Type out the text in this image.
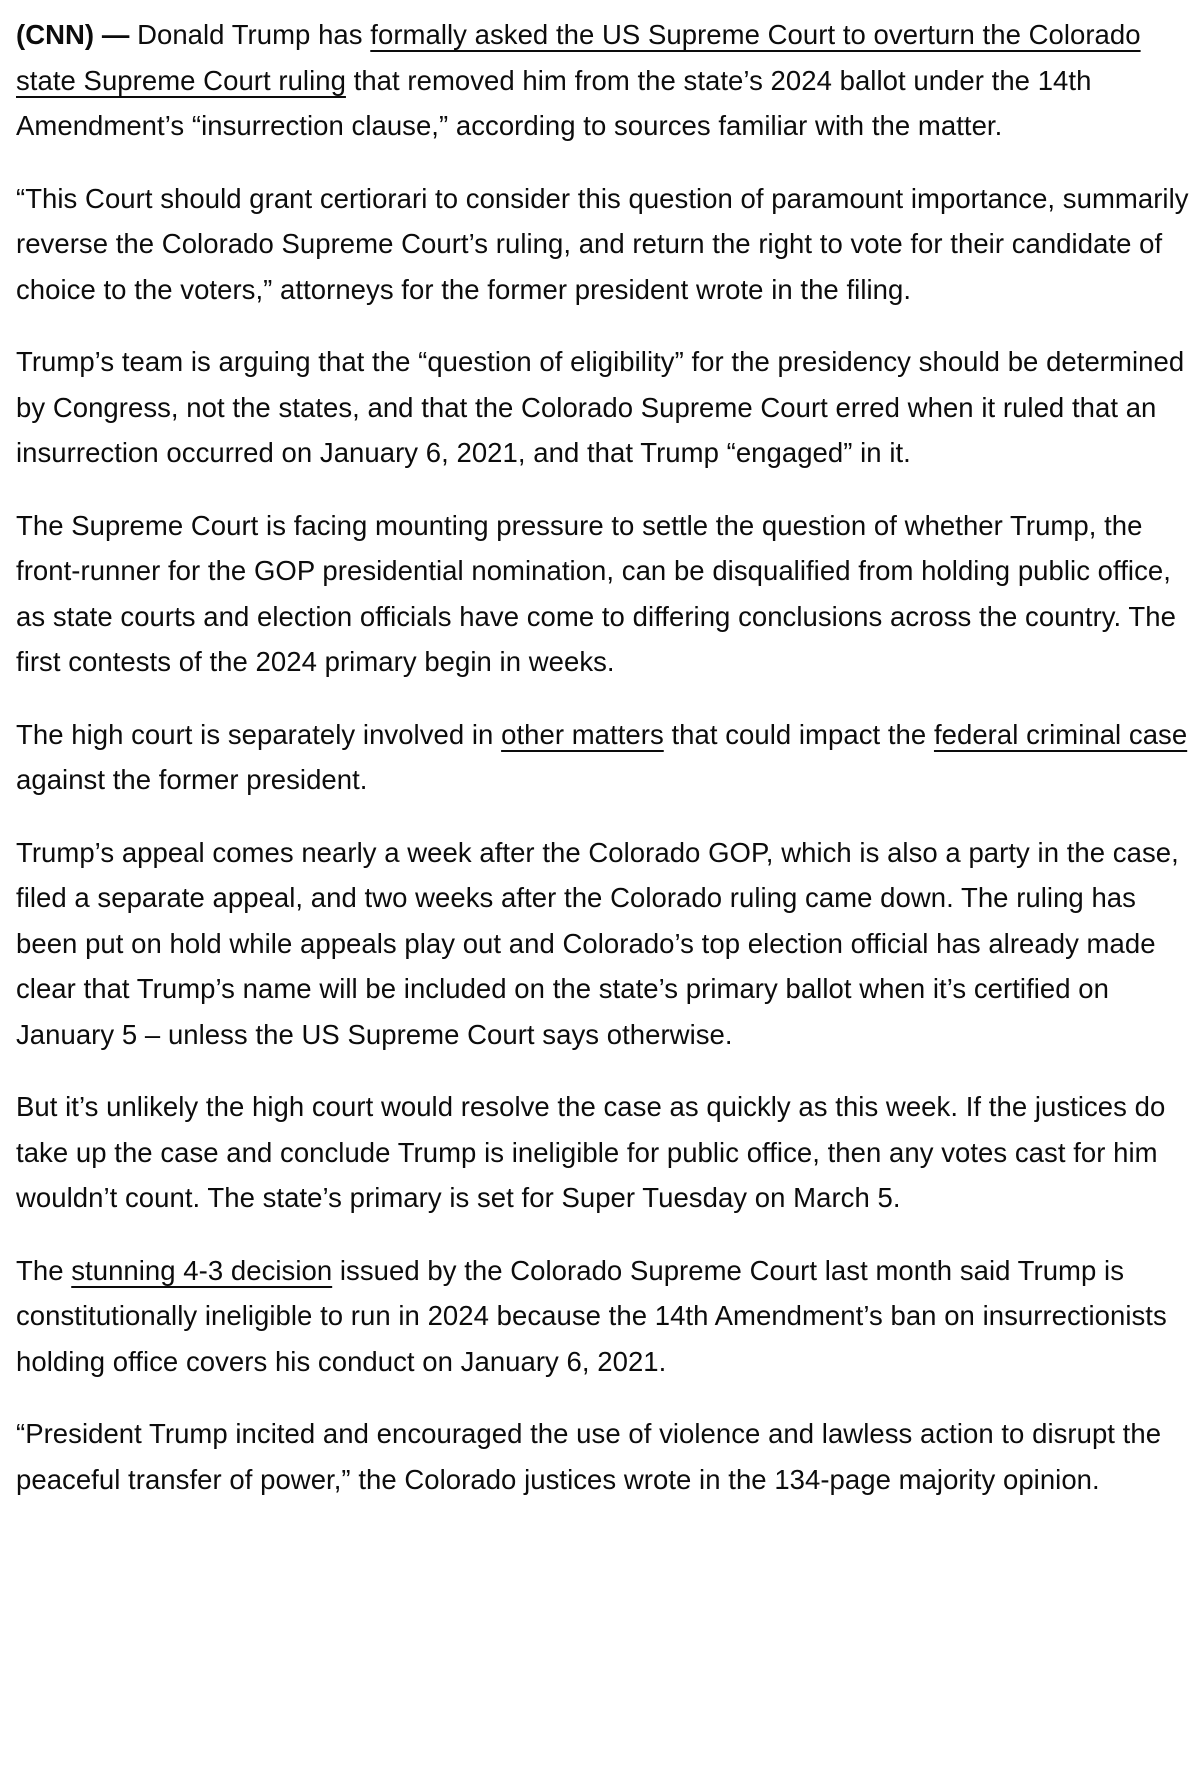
(CNN) — Donald Trump has formally asked the US Supreme Court to overturn the Colorado state Supreme Court ruling that removed him from the state’s 2024 ballot under the 14th Amendment’s “insurrection clause,” according to sources familiar with the matter.

“This Court should grant certiorari to consider this question of paramount importance, summarily reverse the Colorado Supreme Court’s ruling, and return the right to vote for their candidate of choice to the voters,” attorneys for the former president wrote in the filing.

Trump’s team is arguing that the “question of eligibility” for the presidency should be determined by Congress, not the states, and that the Colorado Supreme Court erred when it ruled that an insurrection occurred on January 6, 2021, and that Trump “engaged” in it.

The Supreme Court is facing mounting pressure to settle the question of whether Trump, the front-runner for the GOP presidential nomination, can be disqualified from holding public office, as state courts and election officials have come to differing conclusions across the country. The first contests of the 2024 primary begin in weeks.

The high court is separately involved in other matters that could impact the federal criminal case against the former president.

Trump’s appeal comes nearly a week after the Colorado GOP, which is also a party in the case, filed a separate appeal, and two weeks after the Colorado ruling came down. The ruling has been put on hold while appeals play out and Colorado’s top election official has already made clear that Trump’s name will be included on the state’s primary ballot when it’s certified on January 5 – unless the US Supreme Court says otherwise.

But it’s unlikely the high court would resolve the case as quickly as this week. If the justices do take up the case and conclude Trump is ineligible for public office, then any votes cast for him wouldn’t count. The state’s primary is set for Super Tuesday on March 5.

The stunning 4-3 decision issued by the Colorado Supreme Court last month said Trump is constitutionally ineligible to run in 2024 because the 14th Amendment’s ban on insurrectionists holding office covers his conduct on January 6, 2021.

“President Trump incited and encouraged the use of violence and lawless action to disrupt the peaceful transfer of power,” the Colorado justices wrote in the 134-page majority opinion.
